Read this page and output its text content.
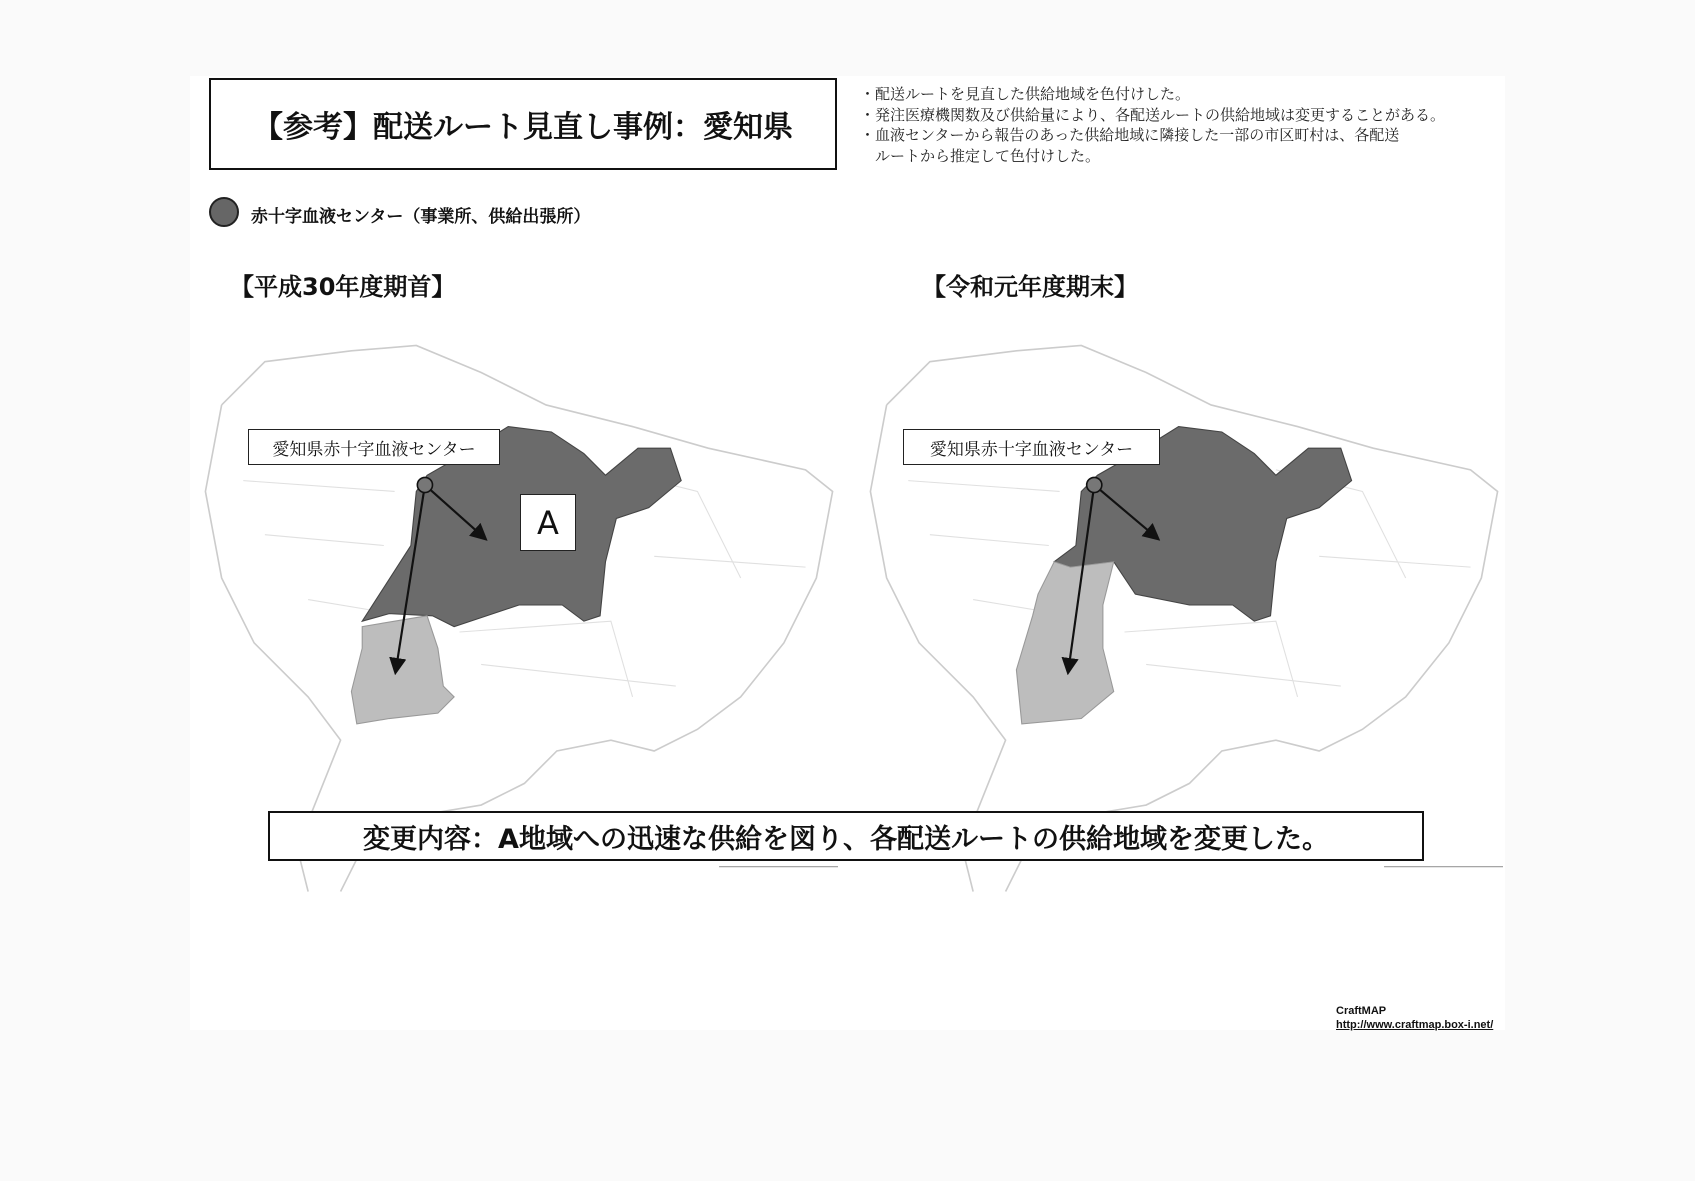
【参考】配送ルート見直し事例：愛知県
・配送ルートを見直した供給地域を色付けした。
・発注医療機関数及び供給量により、各配送ルートの供給地域は変更することがある。
・血液センターから報告のあった供給地域に隣接した一部の市区町村は、各配送
　ルートから推定して色付けした。
赤十字血液センター（事業所、供給出張所）
【平成30年度期首】	【令和元年度期末】
愛知県赤十字血液センター
A
愛知県赤十字血液センター
変更内容：A地域への迅速な供給を図り、各配送ルートの供給地域を変更した。
CraftMAP
http://www.craftmap.box-i.net/
